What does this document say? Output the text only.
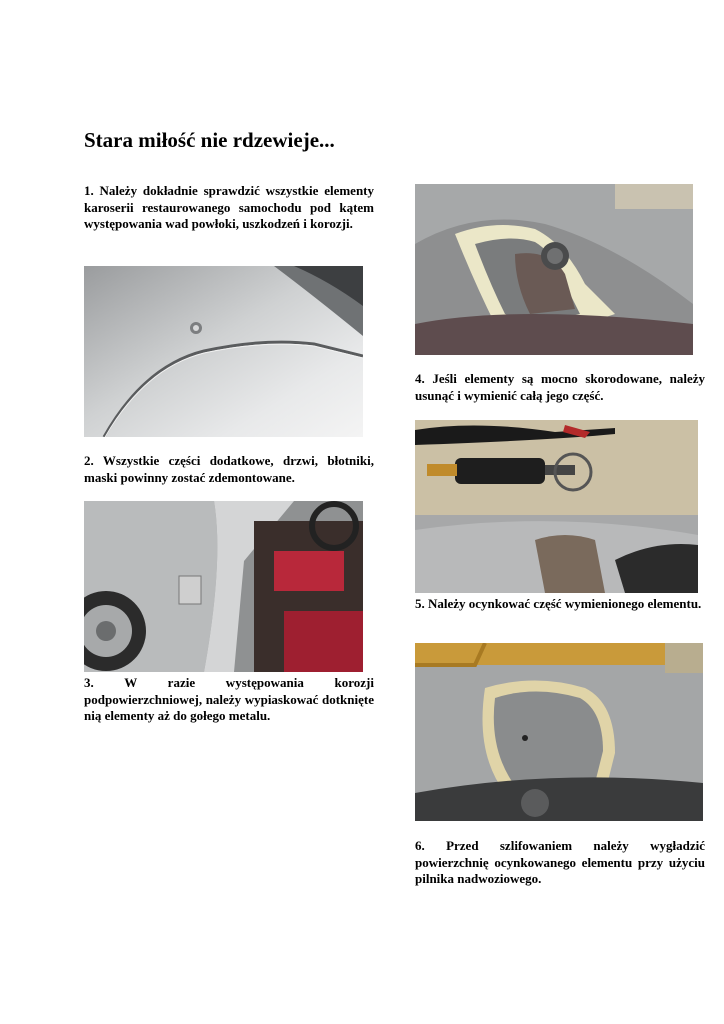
Stara miłość nie rdzewieje...

1. Należy dokładnie sprawdzić wszystkie elementy karoserii restaurowanego samochodu pod kątem występowania wad powłoki, uszkodzeń i korozji.

2. Wszystkie części dodatkowe, drzwi, błotniki, maski powinny zostać zdemontowane.

3. W razie występowania korozji podpowierzchniowej, należy wypiaskować dotknięte nią elementy aż do gołego metalu.

4. Jeśli elementy są mocno skorodowane, należy usunąć i wymienić całą jego część.

5. Należy ocynkować część wymienionego elementu.

6. Przed szlifowaniem należy wygładzić powierzchnię ocynkowanego elementu przy użyciu pilnika nadwoziowego.
